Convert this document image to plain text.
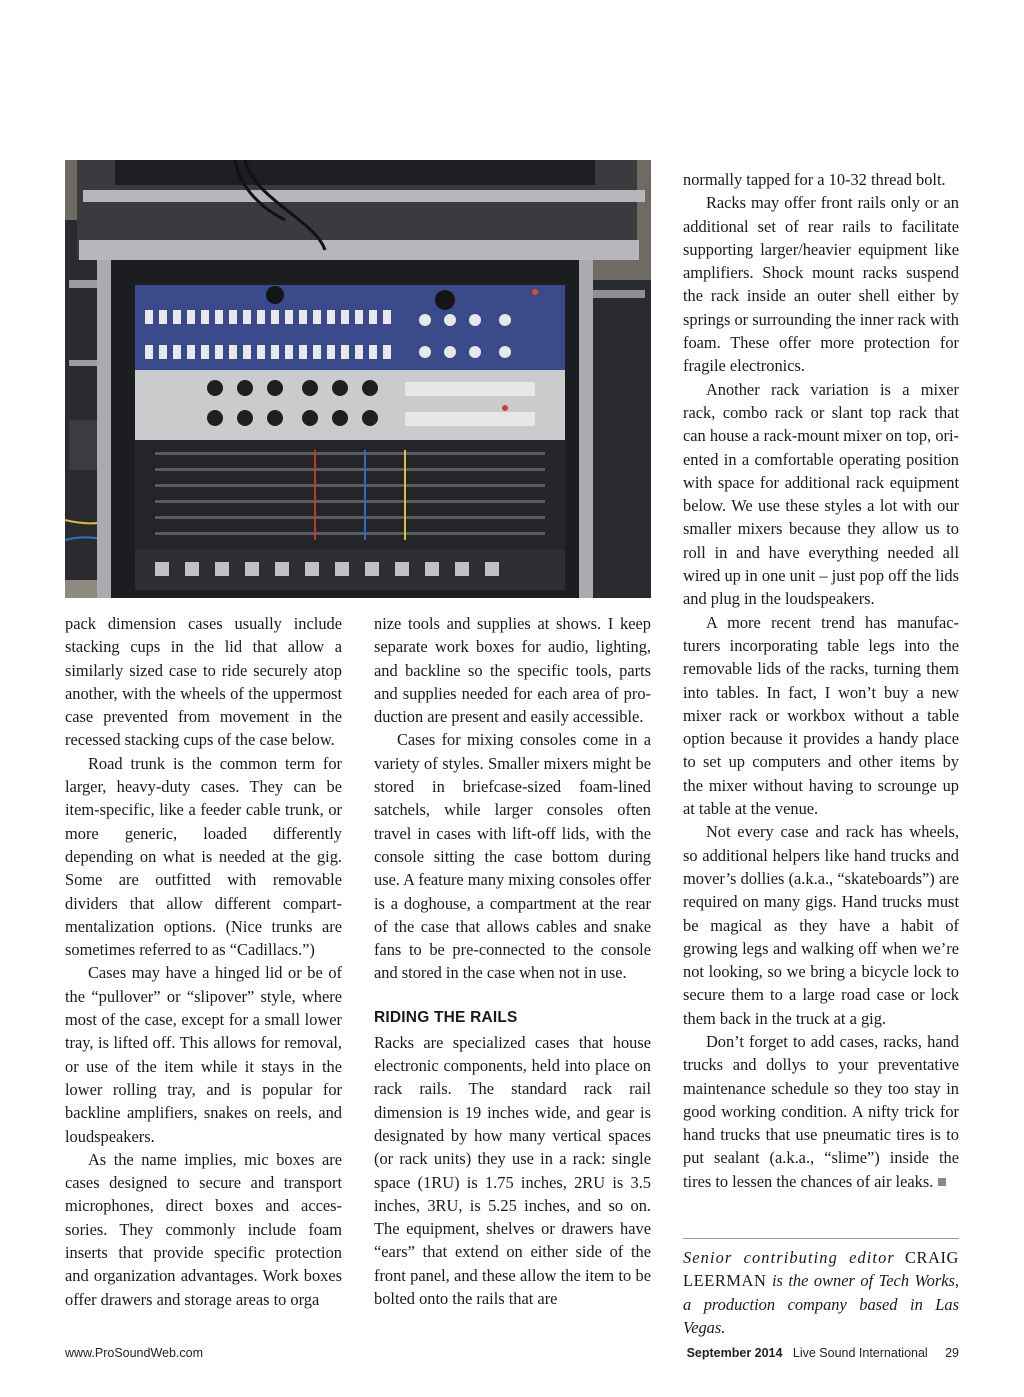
pack dimension cases usually include stacking cups in the lid that allow a similarly sized case to ride securely atop another, with the wheels of the uppermost case prevented from movement in the recessed stacking cups of the case below.

Road trunk is the common term for larger, heavy-duty cases. They can be item-specific, like a feeder cable trunk, or more generic, loaded differently depending on what is needed at the gig. Some are outfitted with removable dividers that allow different compartmentalization options. (Nice trunks are sometimes referred to as “Cadillacs.”)

Cases may have a hinged lid or be of the “pullover” or “slipover” style, where most of the case, except for a small lower tray, is lifted off. This allows for removal, or use of the item while it stays in the lower rolling tray, and is popular for backline amplifiers, snakes on reels, and loudspeakers.

As the name implies, mic boxes are cases designed to secure and transport microphones, direct boxes and accessories. They commonly include foam inserts that provide specific protection and organization advantages. Work boxes offer drawers and storage areas to orga

nize tools and supplies at shows. I keep separate work boxes for audio, lighting, and backline so the specific tools, parts and supplies needed for each area of production are present and easily accessible.

Cases for mixing consoles come in a variety of styles. Smaller mixers might be stored in briefcase-sized foam-lined satchels, while larger consoles often travel in cases with lift-off lids, with the console sitting the case bottom during use. A feature many mixing consoles offer is a doghouse, a compartment at the rear of the case that allows cables and snake fans to be pre-connected to the console and stored in the case when not in use.

RIDING THE RAILS

Racks are specialized cases that house electronic components, held into place on rack rails. The standard rack rail dimension is 19 inches wide, and gear is designated by how many vertical spaces (or rack units) they use in a rack: single space (1RU) is 1.75 inches, 2RU is 3.5 inches, 3RU, is 5.25 inches, and so on. The equipment, shelves or drawers have “ears” that extend on either side of the front panel, and these allow the item to be bolted onto the rails that are

normally tapped for a 10-32 thread bolt.

Racks may offer front rails only or an additional set of rear rails to facilitate supporting larger/heavier equipment like amplifiers. Shock mount racks suspend the rack inside an outer shell either by springs or surrounding the inner rack with foam. These offer more protection for fragile electronics.

Another rack variation is a mixer rack, combo rack or slant top rack that can house a rack-mount mixer on top, oriented in a comfortable operating position with space for additional rack equipment below. We use these styles a lot with our smaller mixers because they allow us to roll in and have everything needed all wired up in one unit – just pop off the lids and plug in the loudspeakers.

A more recent trend has manufacturers incorporating table legs into the removable lids of the racks, turning them into tables. In fact, I won’t buy a new mixer rack or workbox without a table option because it provides a handy place to set up computers and other items by the mixer without having to scrounge up at table at the venue.

Not every case and rack has wheels, so additional helpers like hand trucks and mover’s dollies (a.k.a., “skateboards”) are required on many gigs. Hand trucks must be magical as they have a habit of growing legs and walking off when we’re not looking, so we bring a bicycle lock to secure them to a large road case or lock them back in the truck at a gig.

Don’t forget to add cases, racks, hand trucks and dollys to your preventative maintenance schedule so they too stay in good working condition. A nifty trick for hand trucks that use pneumatic tires is to put sealant (a.k.a., “slime”) inside the tires to lessen the chances of air leaks.

Senior contributing editor CRAIG LEERMAN is the owner of Tech Works, a production company based in Las Vegas.
www.ProSoundWeb.com	September 2014 Live Sound International 29
